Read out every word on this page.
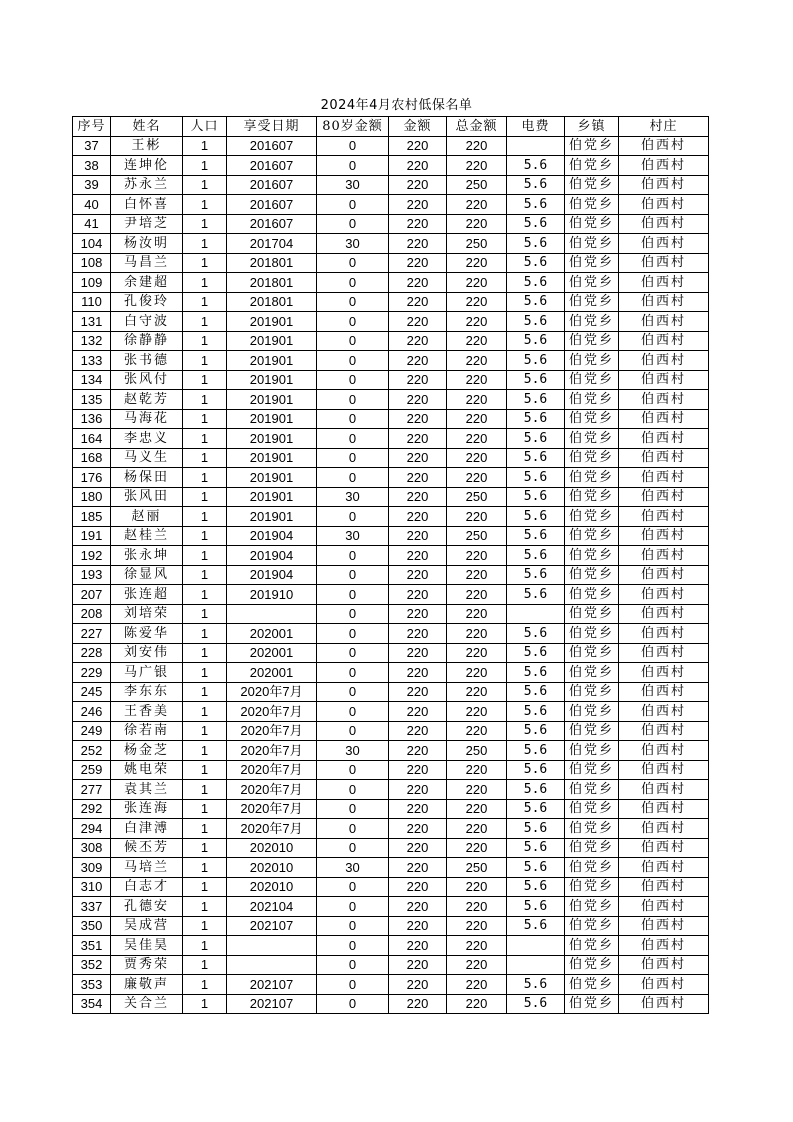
2024年4月农村低保名单
序号	姓名	人口	享受日期	80岁金额	金额	总金额	电费	乡镇	村庄
37	王彬	1	201607	0	220	220		伯党乡	伯西村
38	连坤伦	1	201607	0	220	220	5.6	伯党乡	伯西村
39	苏永兰	1	201607	30	220	250	5.6	伯党乡	伯西村
40	白怀喜	1	201607	0	220	220	5.6	伯党乡	伯西村
41	尹培芝	1	201607	0	220	220	5.6	伯党乡	伯西村
104	杨汝明	1	201704	30	220	250	5.6	伯党乡	伯西村
108	马昌兰	1	201801	0	220	220	5.6	伯党乡	伯西村
109	余建超	1	201801	0	220	220	5.6	伯党乡	伯西村
110	孔俊玲	1	201801	0	220	220	5.6	伯党乡	伯西村
131	白守波	1	201901	0	220	220	5.6	伯党乡	伯西村
132	徐静静	1	201901	0	220	220	5.6	伯党乡	伯西村
133	张书德	1	201901	0	220	220	5.6	伯党乡	伯西村
134	张风付	1	201901	0	220	220	5.6	伯党乡	伯西村
135	赵乾芳	1	201901	0	220	220	5.6	伯党乡	伯西村
136	马海花	1	201901	0	220	220	5.6	伯党乡	伯西村
164	李忠义	1	201901	0	220	220	5.6	伯党乡	伯西村
168	马义生	1	201901	0	220	220	5.6	伯党乡	伯西村
176	杨保田	1	201901	0	220	220	5.6	伯党乡	伯西村
180	张风田	1	201901	30	220	250	5.6	伯党乡	伯西村
185	赵丽	1	201901	0	220	220	5.6	伯党乡	伯西村
191	赵桂兰	1	201904	30	220	250	5.6	伯党乡	伯西村
192	张永坤	1	201904	0	220	220	5.6	伯党乡	伯西村
193	徐显风	1	201904	0	220	220	5.6	伯党乡	伯西村
207	张连超	1	201910	0	220	220	5.6	伯党乡	伯西村
208	刘培荣	1		0	220	220		伯党乡	伯西村
227	陈爱华	1	202001	0	220	220	5.6	伯党乡	伯西村
228	刘安伟	1	202001	0	220	220	5.6	伯党乡	伯西村
229	马广银	1	202001	0	220	220	5.6	伯党乡	伯西村
245	李东东	1	2020年7月	0	220	220	5.6	伯党乡	伯西村
246	王香美	1	2020年7月	0	220	220	5.6	伯党乡	伯西村
249	徐若南	1	2020年7月	0	220	220	5.6	伯党乡	伯西村
252	杨金芝	1	2020年7月	30	220	250	5.6	伯党乡	伯西村
259	姚电荣	1	2020年7月	0	220	220	5.6	伯党乡	伯西村
277	袁其兰	1	2020年7月	0	220	220	5.6	伯党乡	伯西村
292	张连海	1	2020年7月	0	220	220	5.6	伯党乡	伯西村
294	白津溥	1	2020年7月	0	220	220	5.6	伯党乡	伯西村
308	候丕芳	1	202010	0	220	220	5.6	伯党乡	伯西村
309	马培兰	1	202010	30	220	250	5.6	伯党乡	伯西村
310	白志才	1	202010	0	220	220	5.6	伯党乡	伯西村
337	孔德安	1	202104	0	220	220	5.6	伯党乡	伯西村
350	吴成营	1	202107	0	220	220	5.6	伯党乡	伯西村
351	吴佳昊	1		0	220	220		伯党乡	伯西村
352	贾秀荣	1		0	220	220		伯党乡	伯西村
353	廉敬声	1	202107	0	220	220	5.6	伯党乡	伯西村
354	关合兰	1	202107	0	220	220	5.6	伯党乡	伯西村
